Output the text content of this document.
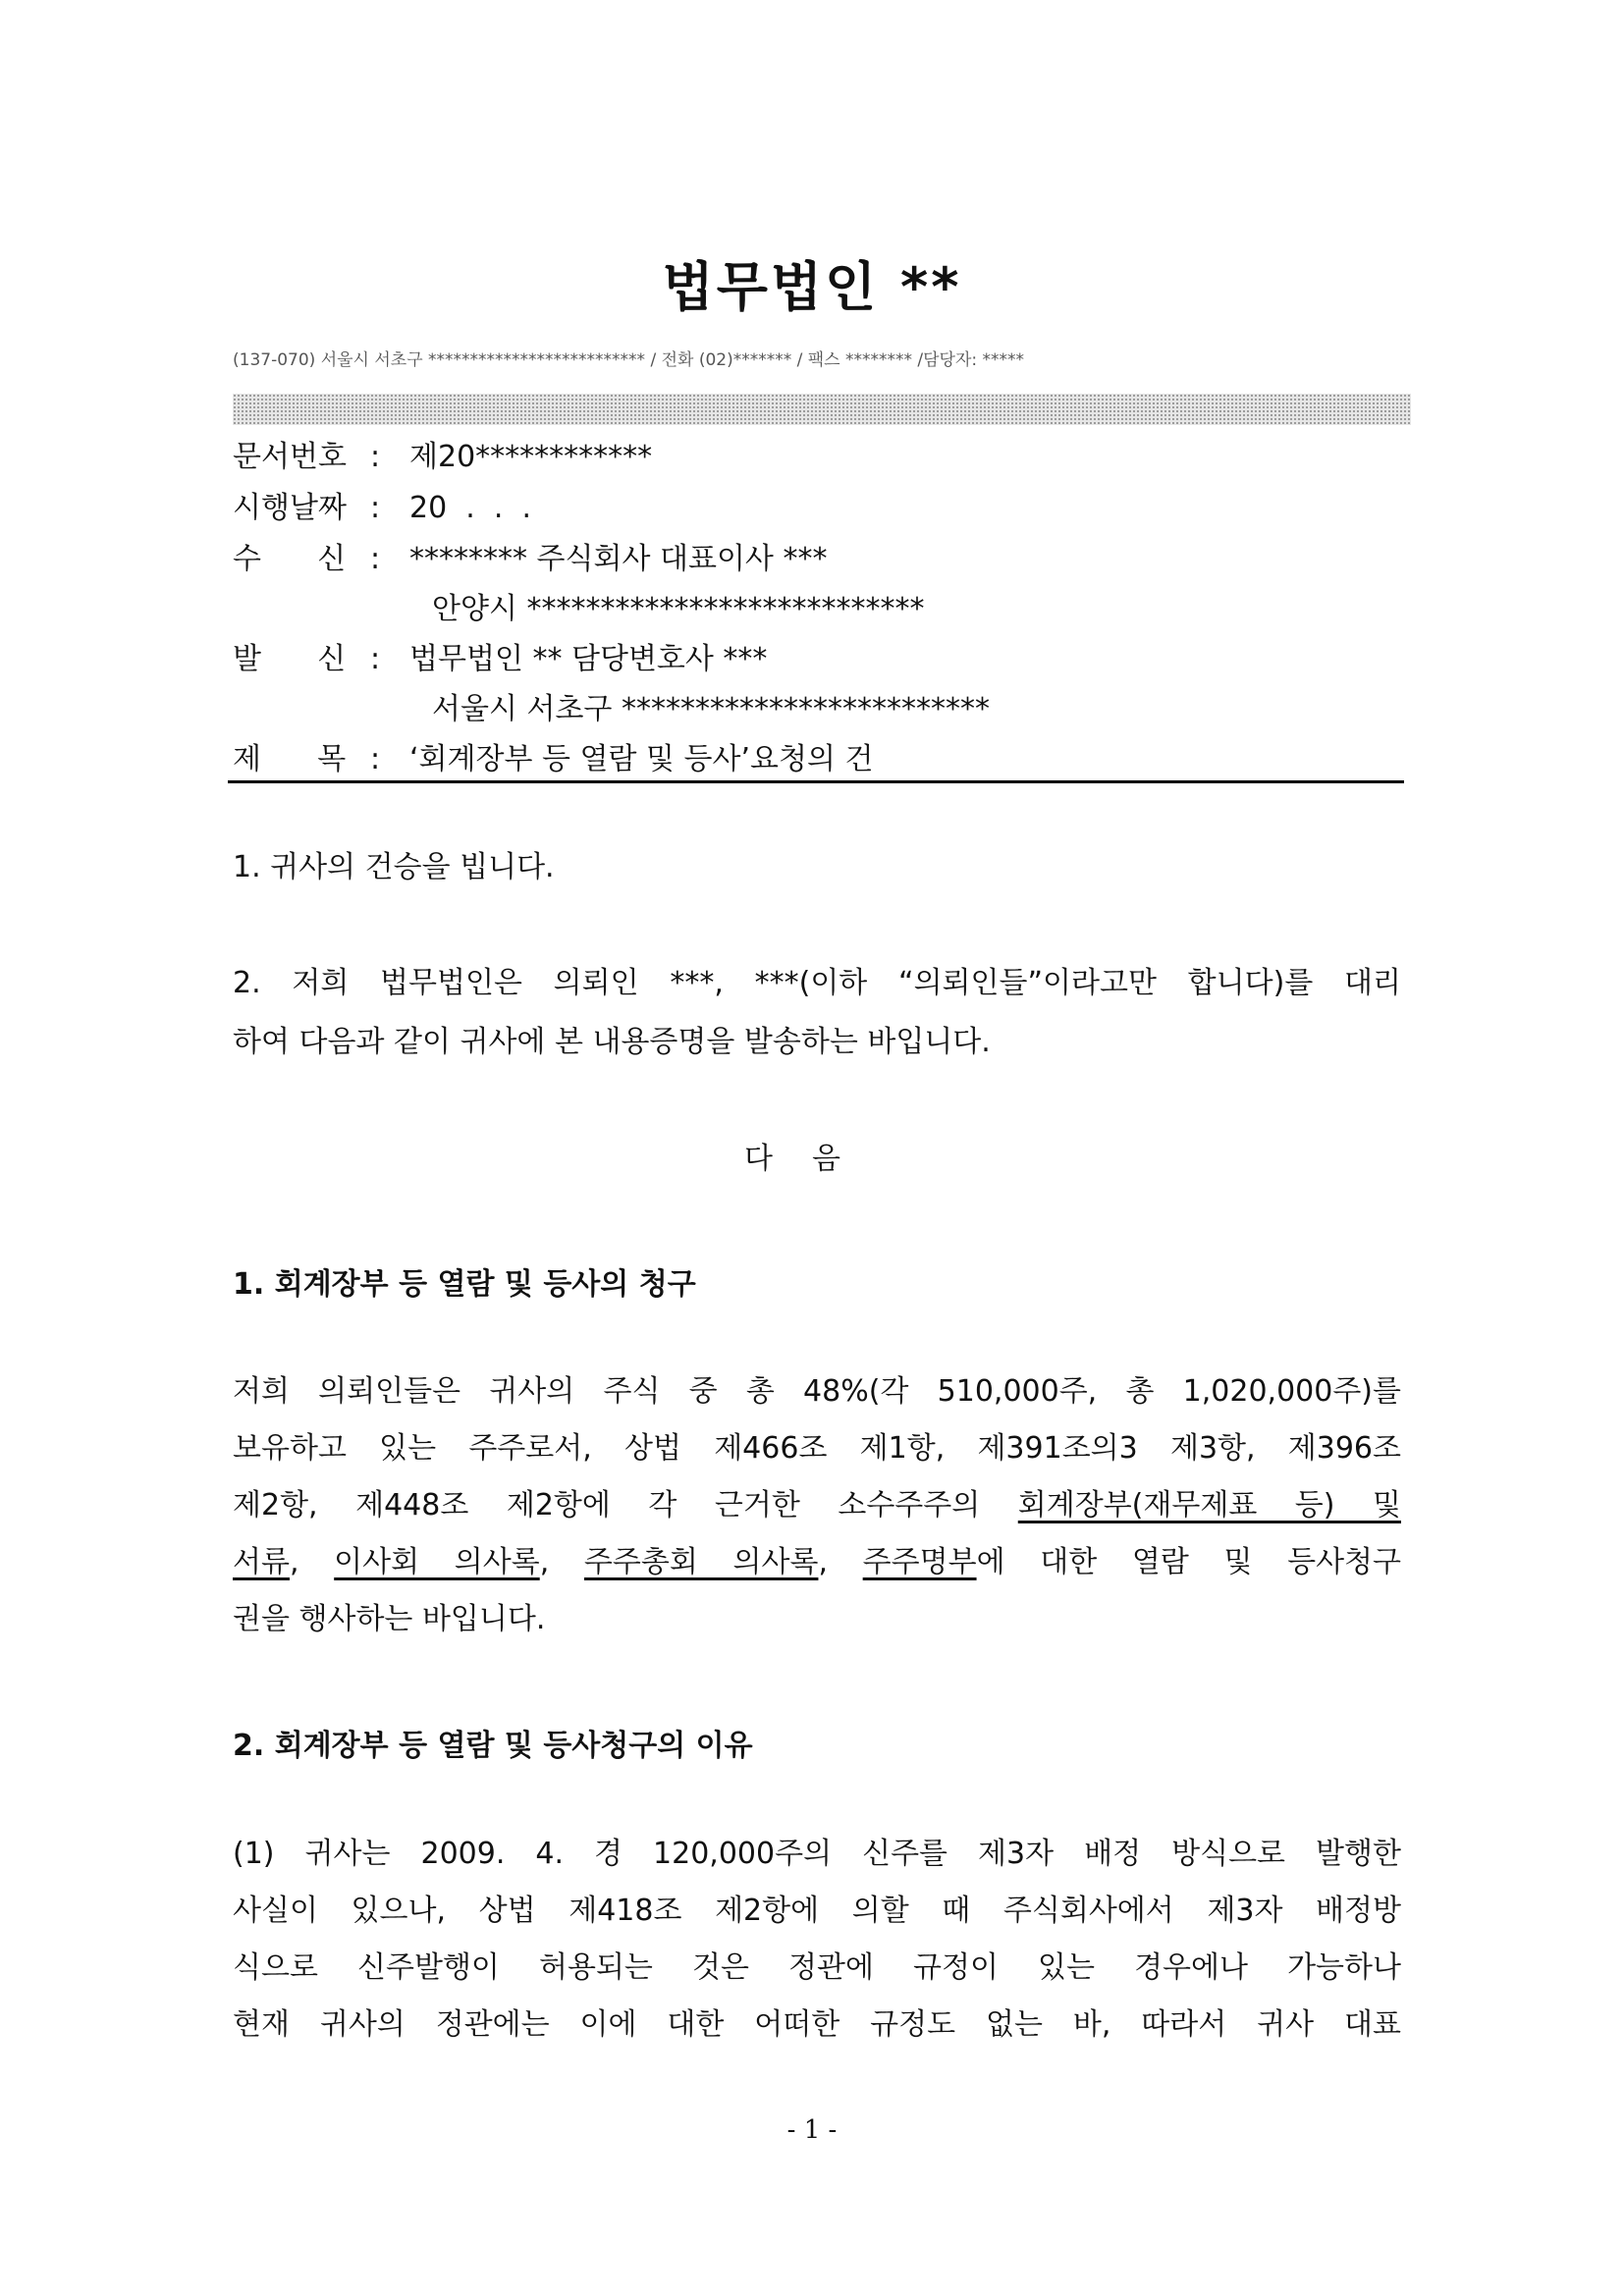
법무법인 **
(137-070) 서울시 서초구 ************************** / 전화 (02)******* / 팩스 ******** /담당자: *****
문서번호 : 제20************
시행날짜 : 20  .  .  .
수      신 : ******** 주식회사 대표이사 ***
안양시 ***************************
발      신 : 법무법인 ** 담당변호사 ***
서울시 서초구 *************************
제      목 : ‘회계장부 등 열람 및 등사’요청의 건
1. 귀사의 건승을 빕니다.
2. 저희 법무법인은 의뢰인 ***, ***(이하 “의뢰인들”이라고만 합니다)를 대리
하여 다음과 같이 귀사에 본 내용증명을 발송하는 바입니다.
다음
1. 회계장부 등 열람 및 등사의 청구
저희 의뢰인들은 귀사의 주식 중 총 48%(각 510,000주, 총 1,020,000주)를
보유하고 있는 주주로서, 상법 제466조 제1항, 제391조의3 제3항, 제396조
제2항, 제448조 제2항에 각 근거한 소수주주의 회계장부(재무제표 등) 및
서류, 이사회 의사록, 주주총회 의사록, 주주명부에 대한 열람 및 등사청구
권을 행사하는 바입니다.
2. 회계장부 등 열람 및 등사청구의 이유
(1) 귀사는 2009. 4. 경 120,000주의 신주를 제3자 배정 방식으로 발행한
사실이 있으나, 상법 제418조 제2항에 의할 때 주식회사에서 제3자 배정방
식으로 신주발행이 허용되는 것은 정관에 규정이 있는 경우에나 가능하나
현재 귀사의 정관에는 이에 대한 어떠한 규정도 없는 바, 따라서 귀사 대표
- 1 -
